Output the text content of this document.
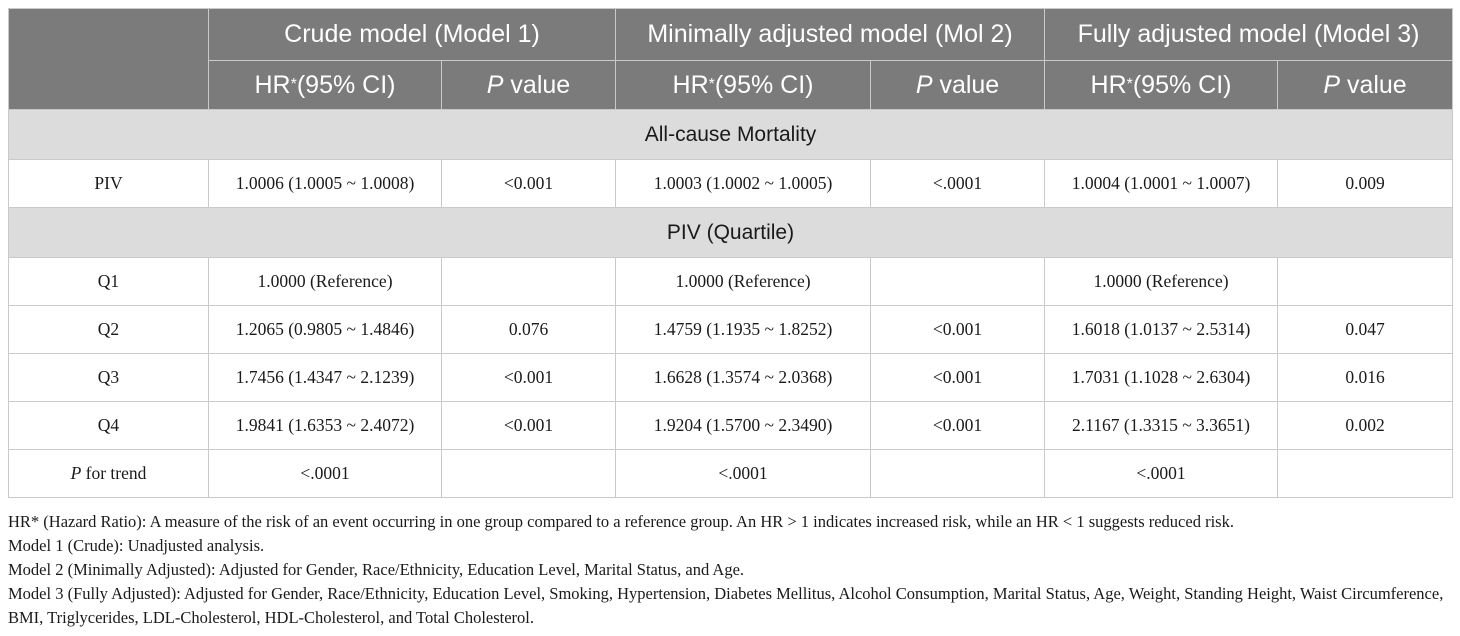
	Crude model (Model 1)		Minimally adjusted model (Mol 2)		Fully adjusted model (Model 3)	
	HR*(95% CI)	P value	HR*(95% CI)	P value	HR*(95% CI)	P value
All-cause Mortality						
PIV	1.0006 (1.0005 ~ 1.0008)	<0.001	1.0003 (1.0002 ~ 1.0005)	<.0001	1.0004 (1.0001 ~ 1.0007)	0.009
PIV (Quartile)						
Q1	1.0000 (Reference)		1.0000 (Reference)		1.0000 (Reference)	
Q2	1.2065 (0.9805 ~ 1.4846)	0.076	1.4759 (1.1935 ~ 1.8252)	<0.001	1.6018 (1.0137 ~ 2.5314)	0.047
Q3	1.7456 (1.4347 ~ 2.1239)	<0.001	1.6628 (1.3574 ~ 2.0368)	<0.001	1.7031 (1.1028 ~ 2.6304)	0.016
Q4	1.9841 (1.6353 ~ 2.4072)	<0.001	1.9204 (1.5700 ~ 2.3490)	<0.001	2.1167 (1.3315 ~ 3.3651)	0.002
P for trend	<.0001		<.0001		<.0001	

HR* (Hazard Ratio): A measure of the risk of an event occurring in one group compared to a reference group. An HR > 1 indicates increased risk, while an HR < 1 suggests reduced risk.

Model 1 (Crude): Unadjusted analysis.

Model 2 (Minimally Adjusted): Adjusted for Gender, Race/Ethnicity, Education Level, Marital Status, and Age.

Model 3 (Fully Adjusted): Adjusted for Gender, Race/Ethnicity, Education Level, Smoking, Hypertension, Diabetes Mellitus, Alcohol Consumption, Marital Status, Age, Weight, Standing Height, Waist Circumference, BMI, Triglycerides, LDL-Cholesterol, HDL-Cholesterol, and Total Cholesterol.
